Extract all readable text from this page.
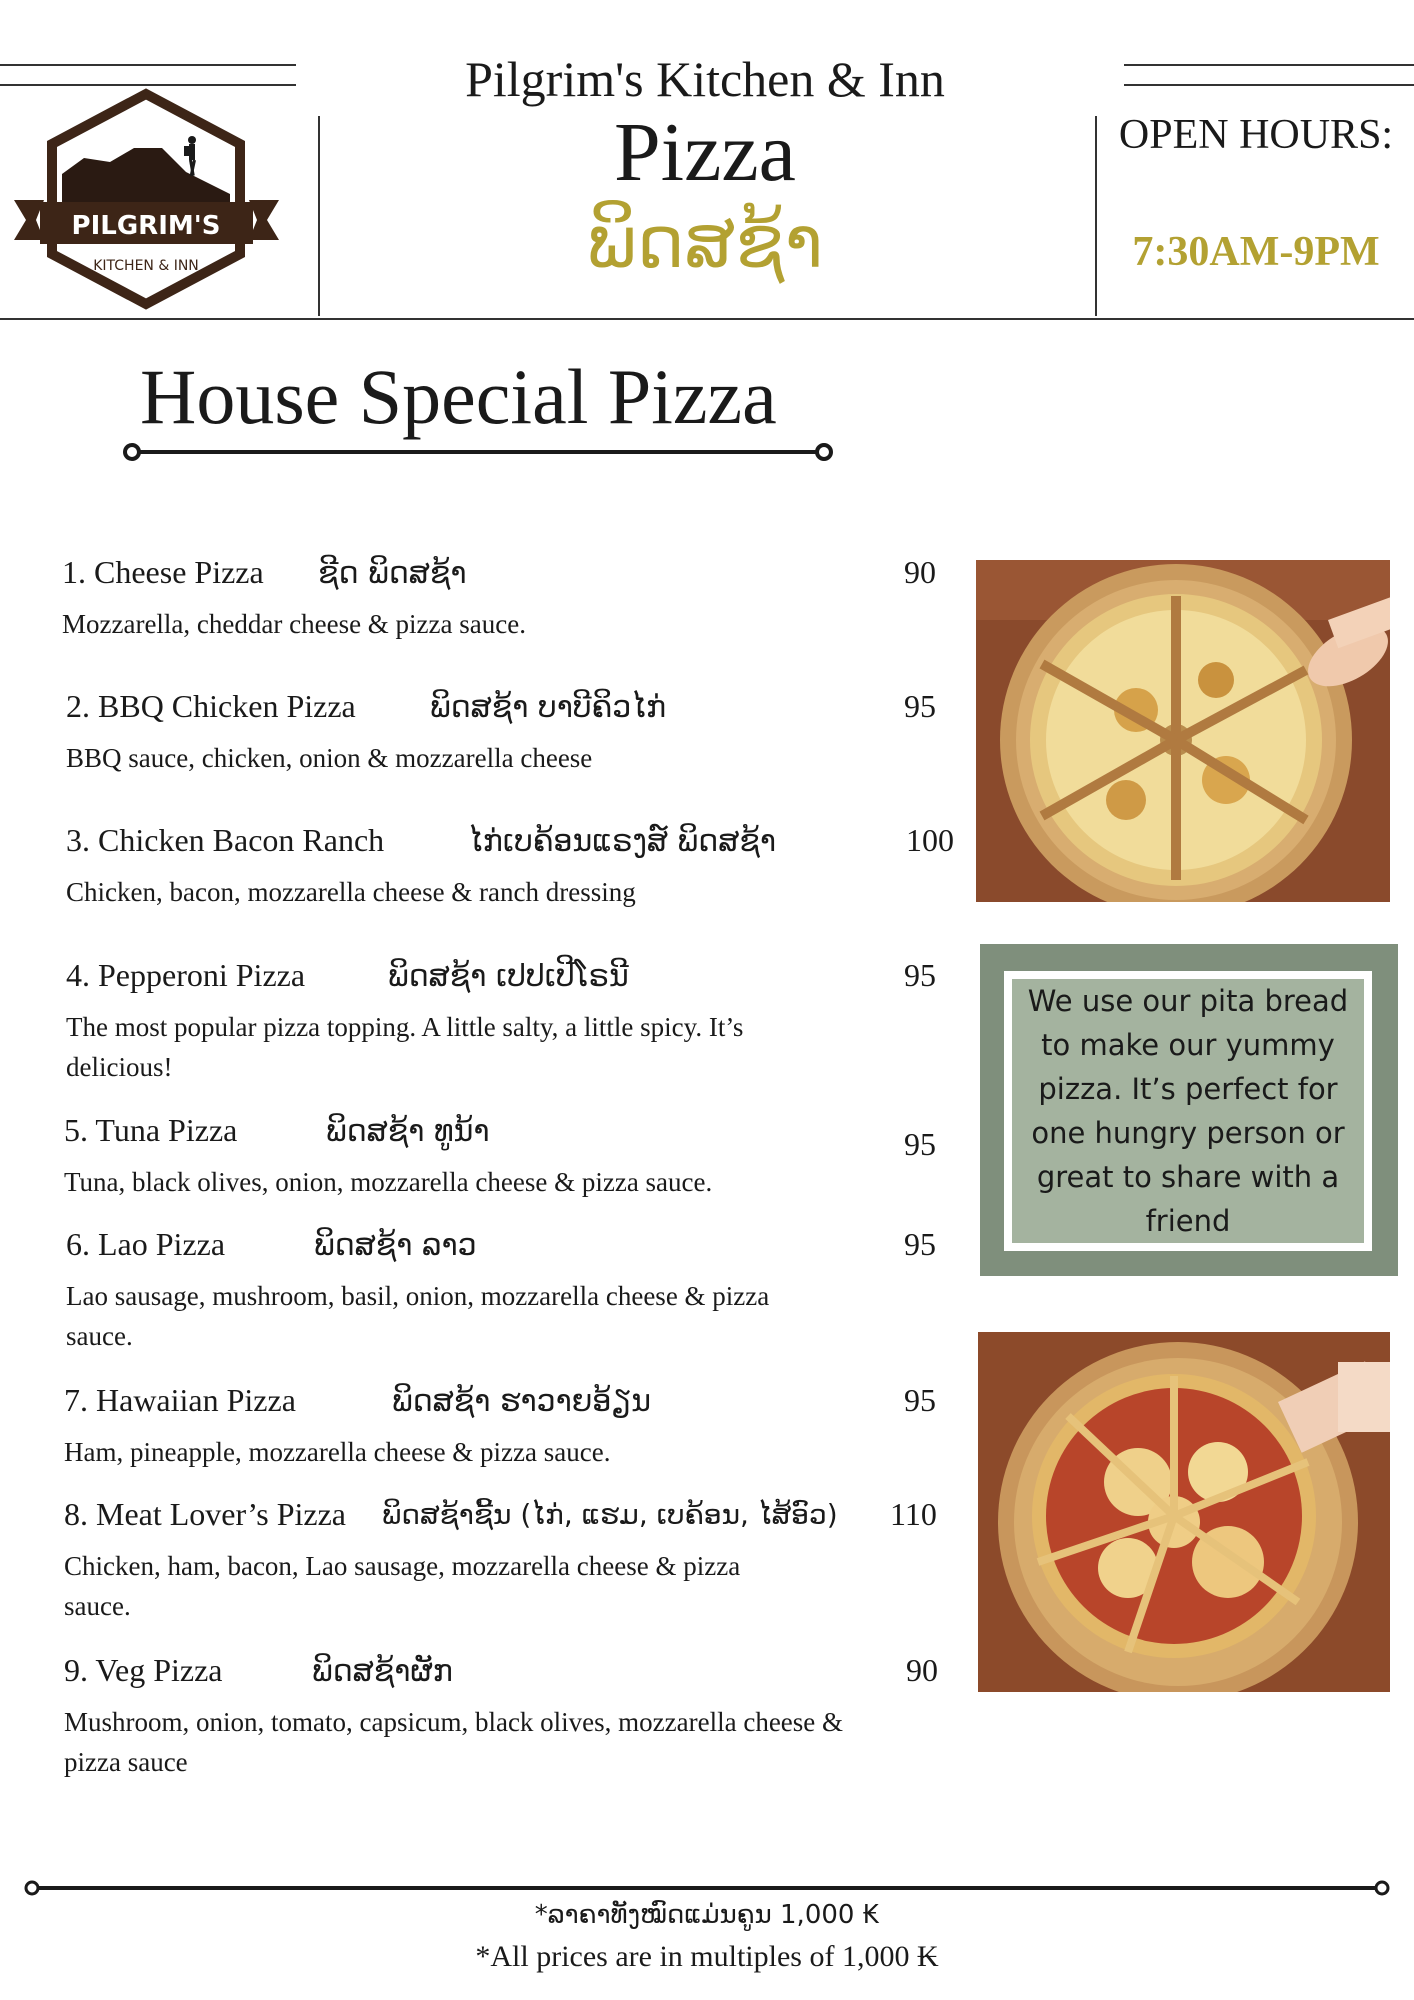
PILGRIM'S
KITCHEN & INN
Pilgrim's Kitchen & Inn
Pizza
ພິດສຊ້າ
OPEN HOURS:
7:30AM-9PM
House Special Pizza
1. Cheese Pizza ຊີດ ພິດສຊ້າ	90
Mozzarella, cheddar cheese & pizza sauce.
2. BBQ Chicken Pizza ພິດສຊ້າ ບາບີຄິວໄກ່	95
BBQ sauce, chicken, onion & mozzarella cheese
3. Chicken Bacon Ranch	ໄກ່ເບຄ້ອນແຣງສ໌ ພິດສຊ້າ	100
Chicken, bacon, mozzarella cheese & ranch dressing
4. Pepperoni Pizza	ພິດສຊ້າ ເປປເປີໂຣນີ	95
The most popular pizza topping. A little salty, a little spicy. It’s delicious!
5. Tuna Pizza	ພິດສຊ້າ ທູນ້າ	95
Tuna, black olives, onion, mozzarella cheese & pizza sauce.
6. Lao Pizza	ພິດສຊ້າ ລາວ	95
Lao sausage, mushroom, basil, onion, mozzarella cheese & pizza sauce.
7. Hawaiian Pizza	ພິດສຊ້າ ຮາວາຍອ້ຽນ	95
Ham, pineapple, mozzarella cheese & pizza sauce.
8. Meat Lover’s Pizza ພິດສຊ້າຊີ້ນ (ໄກ່, ແຮມ, ເບຄ້ອນ, ໄສ້ອົວ) 110
Chicken, ham, bacon, Lao sausage, mozzarella cheese & pizza sauce.
9. Veg Pizza	ພິດສຊ້າຜັກ	90
Mushroom, onion, tomato, capsicum, black olives, mozzarella cheese & pizza sauce
We use our pita bread to make our yummy pizza. It’s perfect for one hungry person or great to share with a friend
*ລາຄາທັງໝົດແມ່ນຄູນ 1,000 ₭
*All prices are in multiples of 1,000 ₭
